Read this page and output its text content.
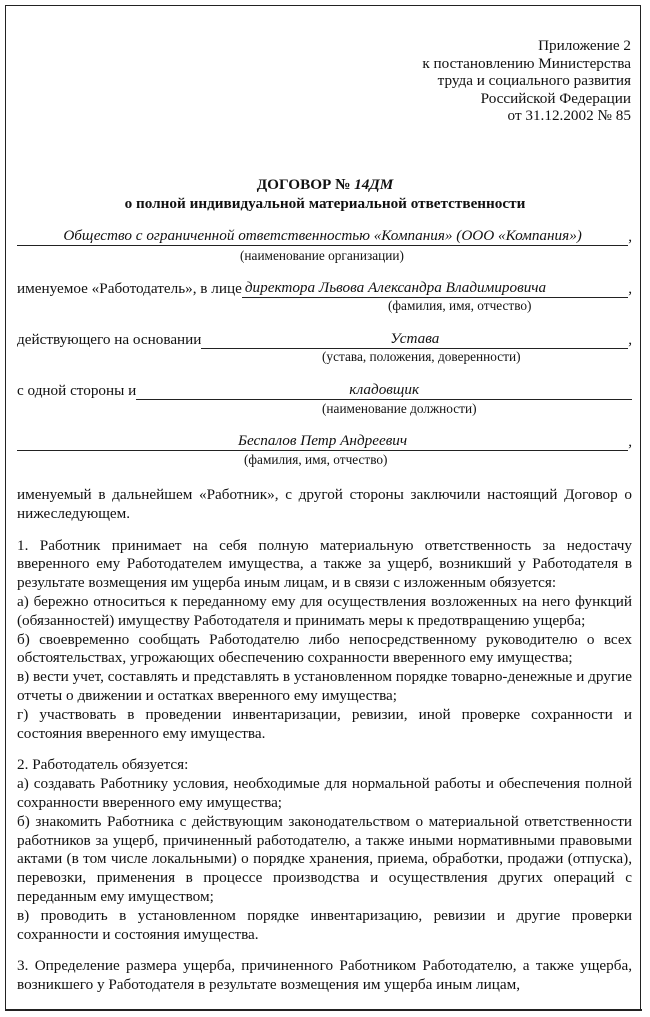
Приложение 2
к постановлению Министерства
труда и социального развития
Российской Федерации
от 31.12.2002 № 85
ДОГОВОР № 14ДМ
о полной индивидуальной материальной ответственности
Общество с ограниченной ответственностью «Компания» (ООО «Компания»)	,
(наименование организации)
именуемое «Работодатель», в лице директора Львова Александра Владимировича	,
(фамилия, имя, отчество)
действующего на основании	Устава	,
(устава, положения, доверенности)
с одной стороны и	кладовщик
(наименование должности)
Беспалов Петр Андреевич	,
(фамилия, имя, отчество)

именуемый в дальнейшем «Работник», с другой стороны заключили настоящий Договор о нижеследующем.

1. Работник принимает на себя полную материальную ответственность за недостачу вверенного ему Работодателем имущества, а также за ущерб, возникший у Работодателя в результате возмещения им ущерба иным лицам, и в связи с изложенным обязуется:

а) бережно относиться к переданному ему для осуществления возложенных на него функций (обязанностей) имуществу Работодателя и принимать меры к предотвращению ущерба;

б) своевременно сообщать Работодателю либо непосредственному руководителю о всех обстоятельствах, угрожающих обеспечению сохранности вверенного ему имущества;

в) вести учет, составлять и представлять в установленном порядке товарно-денежные и другие отчеты о движении и остатках вверенного ему имущества;

г) участвовать в проведении инвентаризации, ревизии, иной проверке сохранности и состояния вверенного ему имущества.

2. Работодатель обязуется:

а) создавать Работнику условия, необходимые для нормальной работы и обеспечения полной сохранности вверенного ему имущества;

б) знакомить Работника с действующим законодательством о материальной ответственности работников за ущерб, причиненный работодателю, а также иными нормативными правовыми актами (в том числе локальными) о порядке хранения, приема, обработки, продажи (отпуска), перевозки, применения в процессе производства и осуществления других операций с переданным ему имуществом;

в) проводить в установленном порядке инвентаризацию, ревизии и другие проверки сохранности и состояния имущества.

3. Определение размера ущерба, причиненного Работником Работодателю, а также ущерба, возникшего у Работодателя в результате возмещения им ущерба иным лицам,
